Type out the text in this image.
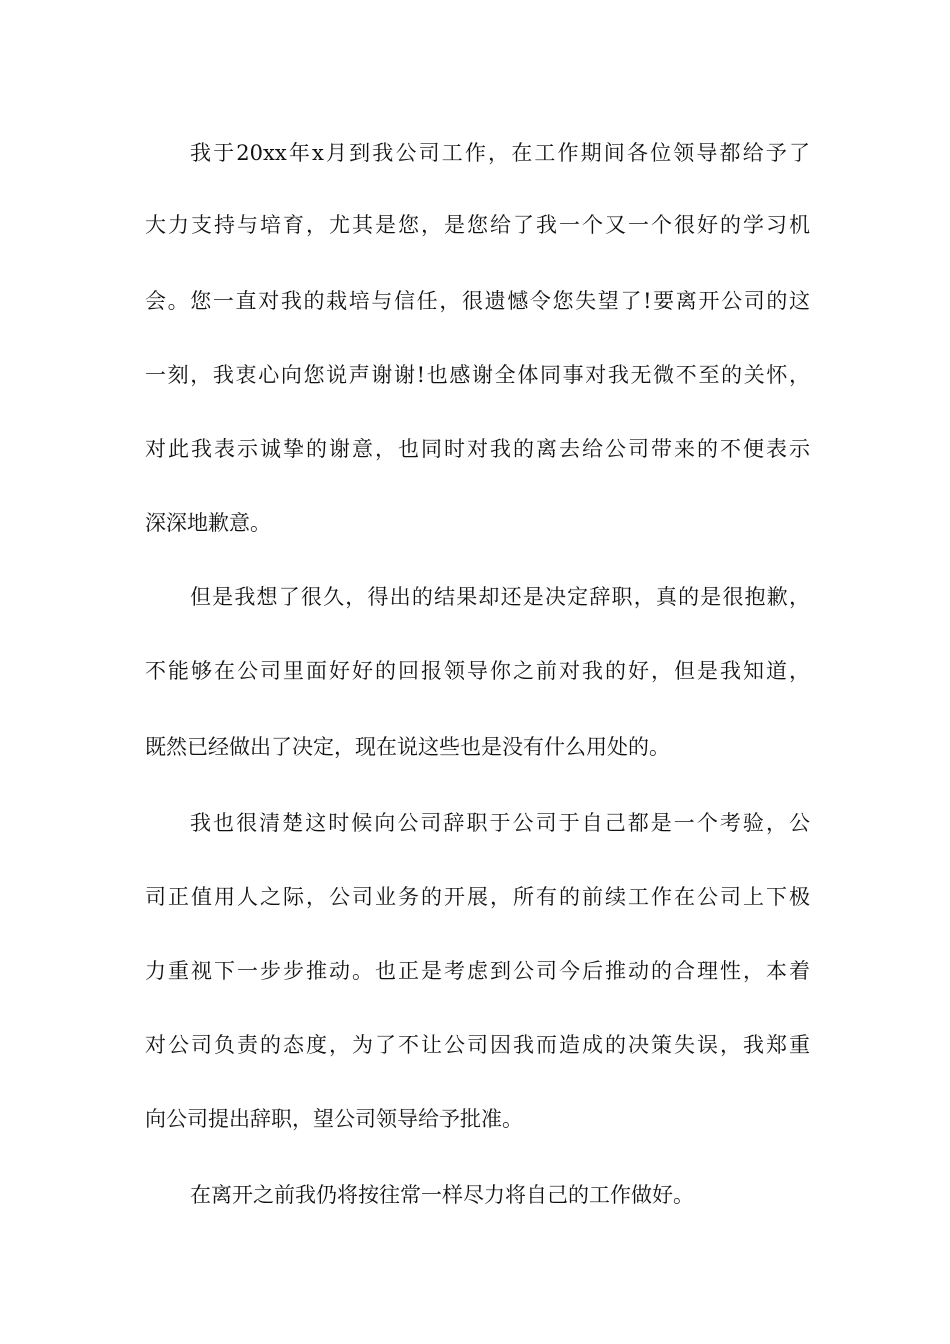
我于20xx年x月到我公司工作，在工作期间各位领导都给予了
大力支持与培育，尤其是您，是您给了我一个又一个很好的学习机
会。您一直对我的栽培与信任，很遗憾令您失望了!要离开公司的这
一刻，我衷心向您说声谢谢!也感谢全体同事对我无微不至的关怀，
对此我表示诚挚的谢意，也同时对我的离去给公司带来的不便表示
深深地歉意。
但是我想了很久，得出的结果却还是决定辞职，真的是很抱歉，
不能够在公司里面好好的回报领导你之前对我的好，但是我知道，
既然已经做出了决定，现在说这些也是没有什么用处的。
我也很清楚这时候向公司辞职于公司于自己都是一个考验，公
司正值用人之际，公司业务的开展，所有的前续工作在公司上下极
力重视下一步步推动。也正是考虑到公司今后推动的合理性，本着
对公司负责的态度，为了不让公司因我而造成的决策失误，我郑重
向公司提出辞职，望公司领导给予批准。
在离开之前我仍将按往常一样尽力将自己的工作做好。
